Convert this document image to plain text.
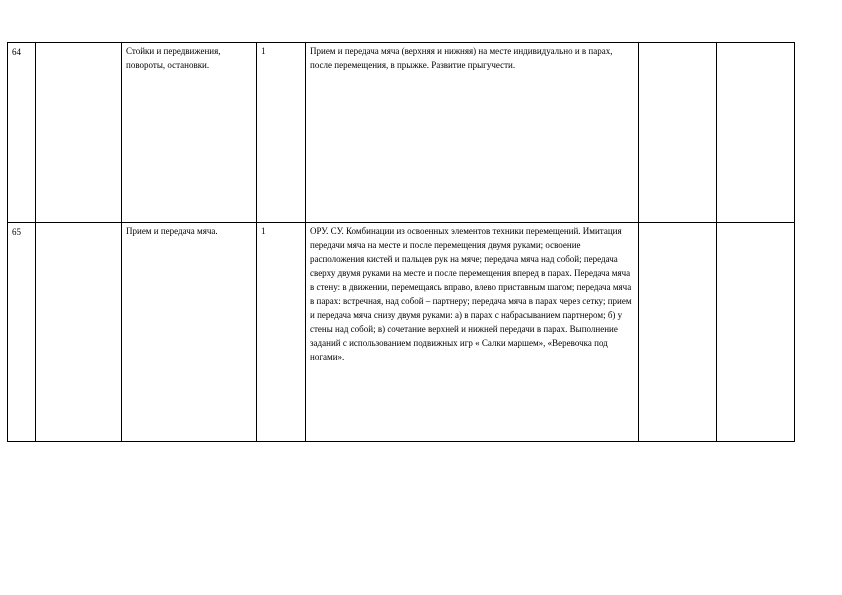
64		Стойки и передвижения, повороты, остановки.	1	Прием и передача мяча (верхняя и нижняя) на месте индивидуально и в парах, после перемещения, в прыжке. Развитие прыгучести.		
65		Прием и передача мяча.	1	ОРУ. СУ. Комбинации из освоенных элементов техники перемещений. Имитация передачи мяча на месте и после перемещения двумя руками; освоение расположения кистей и пальцев рук на мяче; передача мяча над собой; передача сверху двумя руками на месте и после перемещения вперед в парах. Передача мяча в стену: в движении, перемещаясь вправо, влево приставным шагом; передача мяча в парах: встречная, над собой – партнеру; передача мяча в парах через сетку; прием и передача мяча снизу двумя руками: а) в парах с набрасыванием партнером; б) у стены над собой; в) сочетание верхней и нижней передачи в парах. Выполнение заданий с использованием подвижных игр « Салки маршем», «Веревочка под ногами».		
